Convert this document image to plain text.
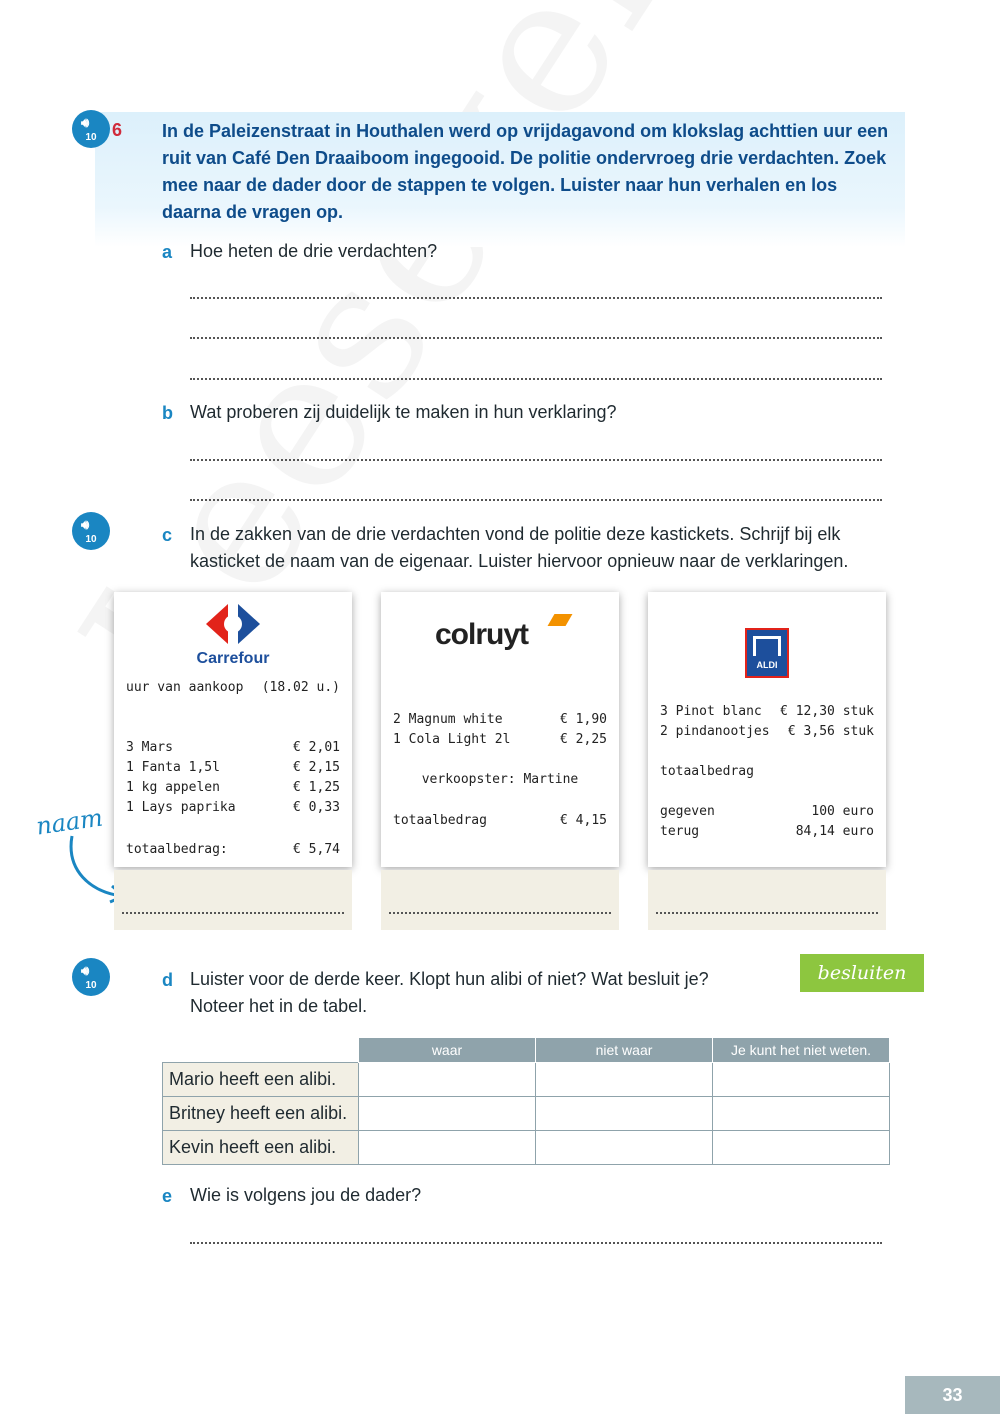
🔊︎
10 6 In de Paleizenstraat in Houthalen werd op vrijdagavond om klokslag achttien uur een ruit van Café Den Draaiboom ingegooid. De politie ondervroeg drie verdachten. Zoek mee naar de dader door de stappen te volgen. Luister naar hun verhalen en los daarna de vragen op.
a Hoe heten de drie verdachten?
b Wat proberen zij duidelijk te maken in hun verklaring?
🔊︎
10	c In de zakken van de drie verdachten vond de politie deze kastickets. Schrijf bij elk kasticket de naam van de eigenaar. Luister hiervoor opnieuw naar de verklaringen.
naam
Carrefour
uur van aankoop (18.02 u.)
3 Mars	€ 2,01
1 Fanta 1,5l	€ 2,15
1 kg appelen	€ 1,25
1 Lays paprika	€ 0,33
totaalbedrag:	€ 5,74
colruyt
2 Magnum white	€ 1,90
1 Cola Light 2l	€ 2,25
verkoopster: Martine
totaalbedrag	€ 4,15
ALDI
3 Pinot blanc € 12,30 stuk
2 pindanootjes € 3,56 stuk
totaalbedrag
gegeven	100 euro
terug	84,14 euro
🔊︎
10	d Luister voor de derde keer. Klopt hun alibi of niet? Wat besluit je?
Noteer het in de tabel.
besluiten
	waar	niet waar	Je kunt het niet weten.
Mario heeft een alibi.			
Britney heeft een alibi.			
Kevin heeft een alibi.			
e Wie is volgens jou de dader?
33
